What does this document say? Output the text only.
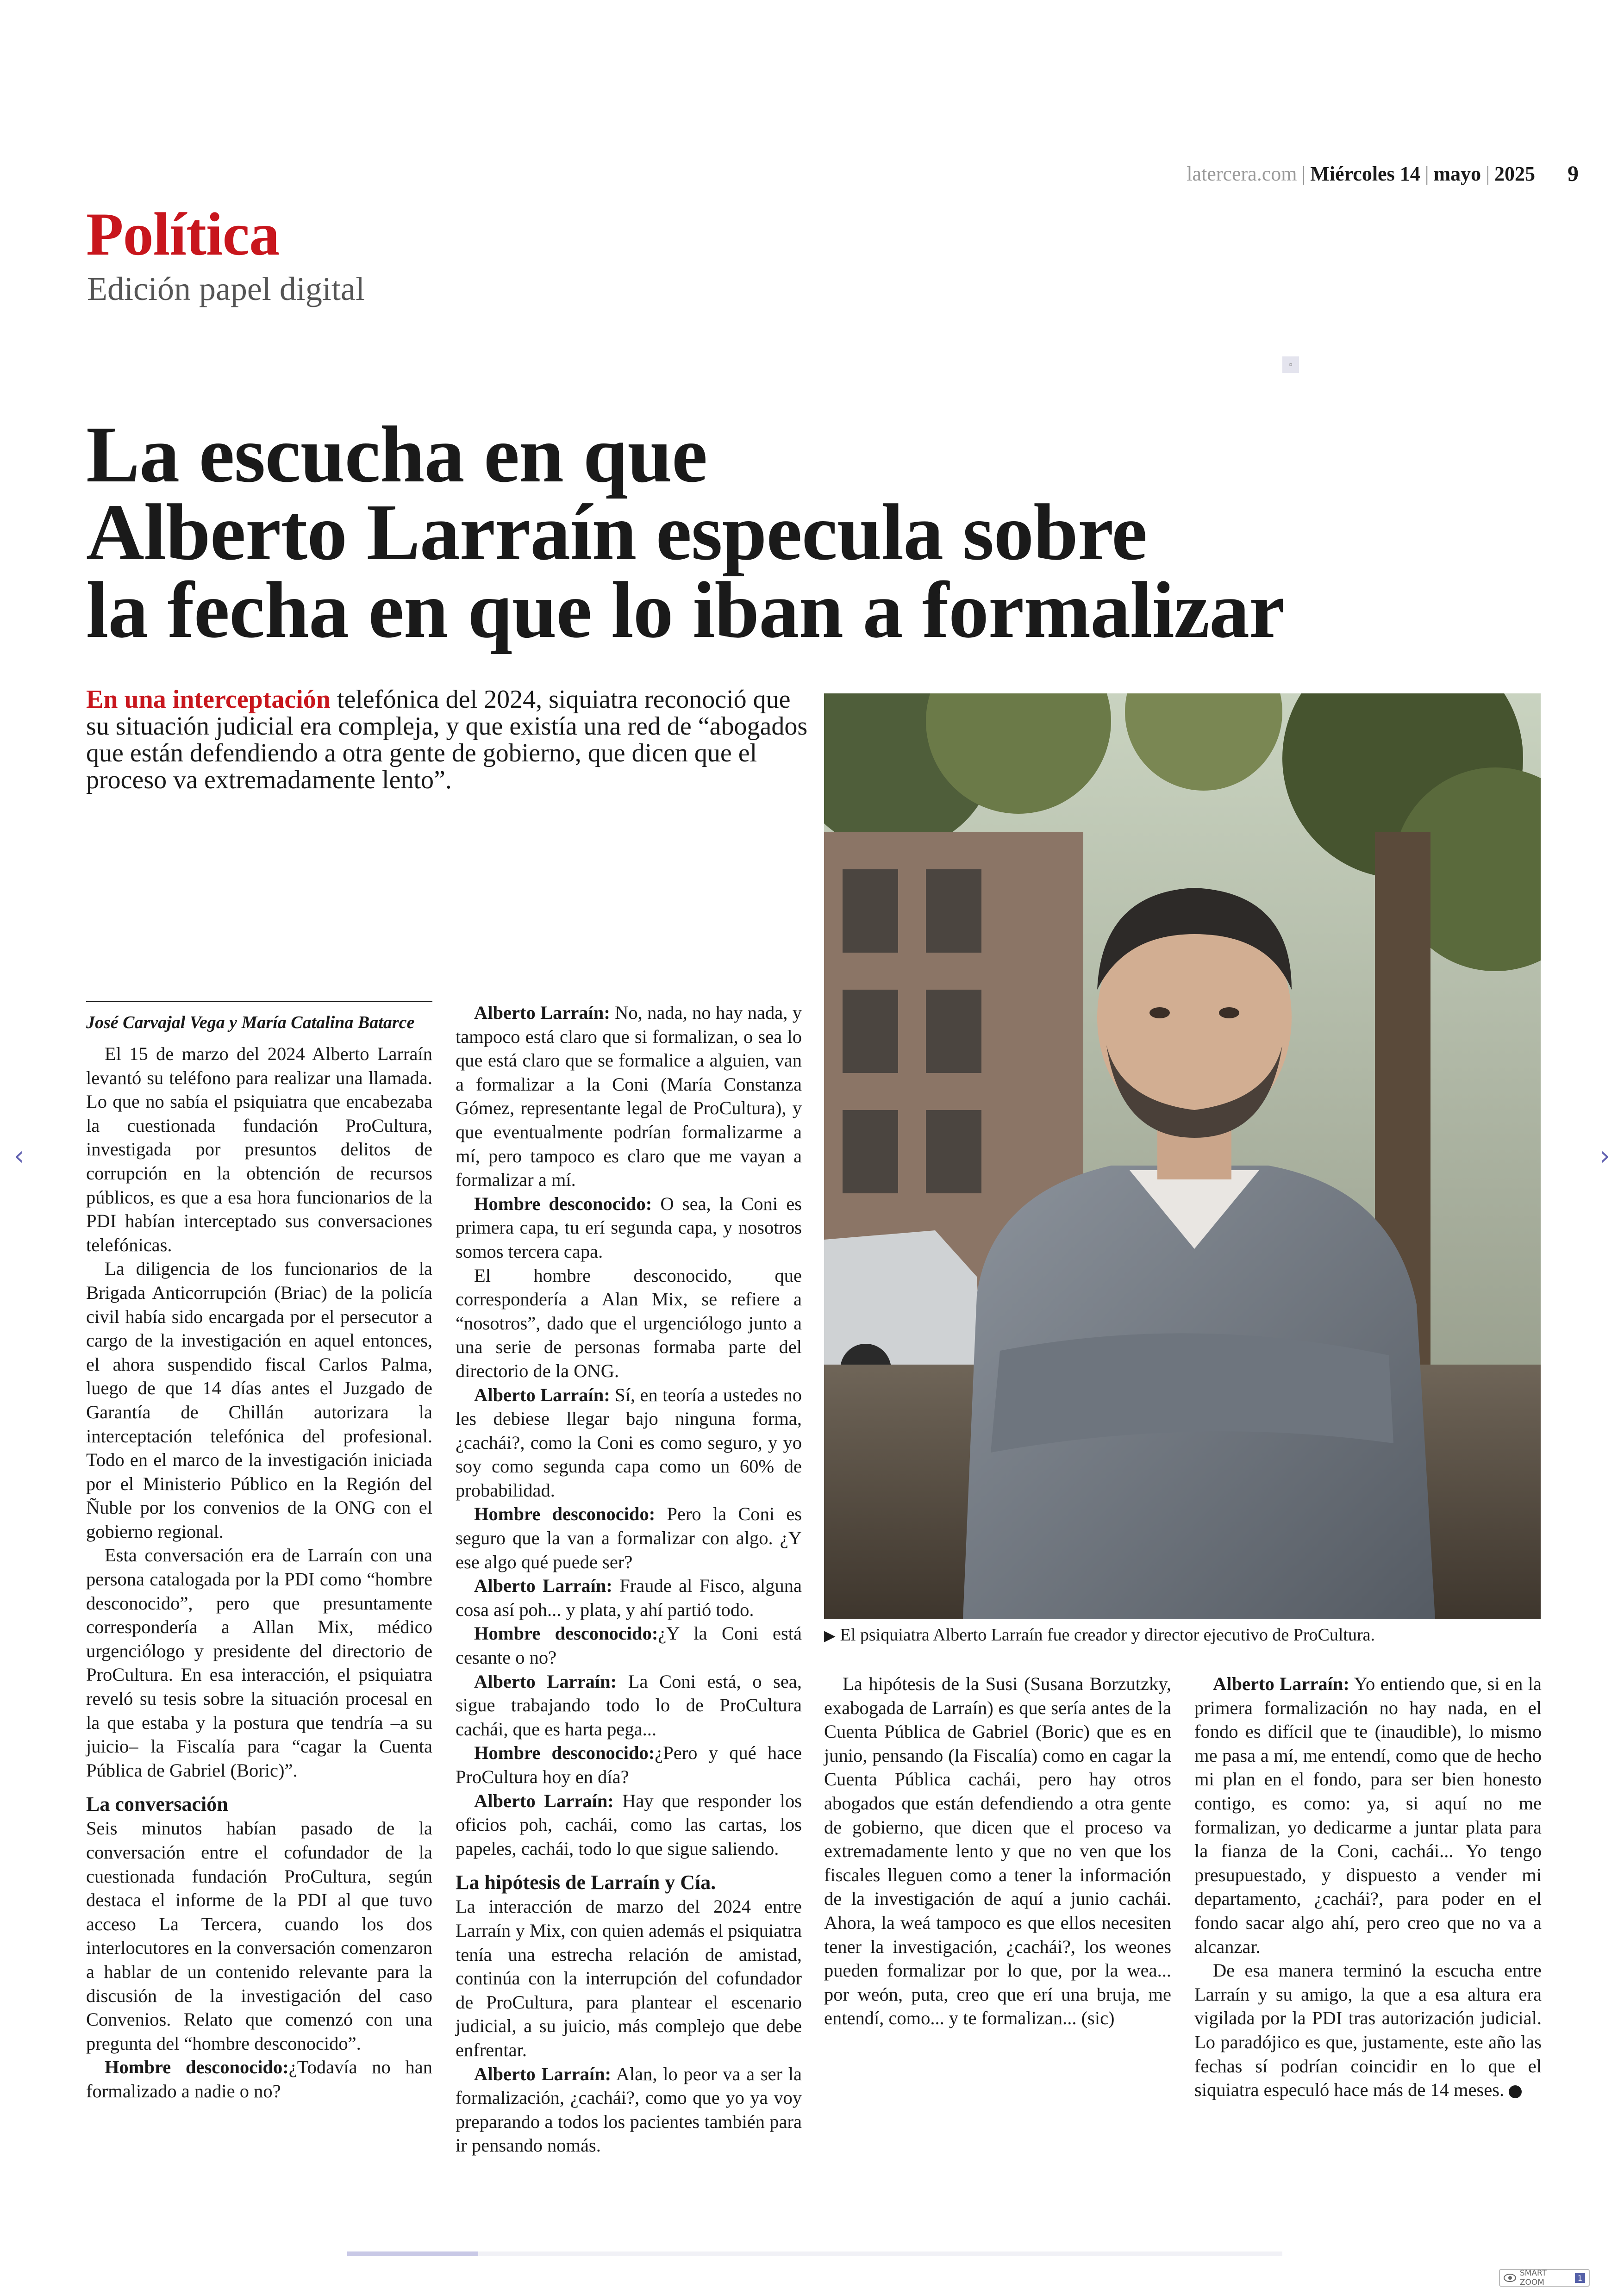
latercera.com | Miércoles 14 | mayo | 2025 9
Política
Edición papel digital
▫
La escucha en que
Alberto Larraín especula sobre
la fecha en que lo iban a formalizar
En una interceptación telefónica del 2024, siquiatra reconoció que su situación judicial era compleja, y que existía una red de “abogados que están defendiendo a otra gente de gobierno, que dicen que el proceso va extremadamente lento”.
▶ El psiquiatra Alberto Larraín fue creador y director ejecutivo de ProCultura.
José Carvajal Vega y María Catalina Batarce

El 15 de marzo del 2024 Alberto Larraín levantó su teléfono para realizar una llamada. Lo que no sabía el psiquiatra que encabezaba la cuestionada fundación ProCultura, investigada por presuntos delitos de corrupción en la obtención de recursos públicos, es que a esa hora funcionarios de la PDI habían interceptado sus conversaciones telefónicas.

La diligencia de los funcionarios de la Brigada Anticorrupción (Briac) de la policía civil había sido encargada por el persecutor a cargo de la investigación en aquel entonces, el ahora suspendido fiscal Carlos Palma, luego de que 14 días antes el Juzgado de Garantía de Chillán autorizara la interceptación telefónica del profesional. Todo en el marco de la investigación iniciada por el Ministerio Público en la Región del Ñuble por los convenios de la ONG con el gobierno regional.

Esta conversación era de Larraín con una persona catalogada por la PDI como “hombre desconocido”, pero que presuntamente correspondería a Allan Mix, médico urgenciólogo y presidente del directorio de ProCultura. En esa interacción, el psiquiatra reveló su tesis sobre la situación procesal en la que estaba y la postura que tendría –a su juicio– la Fiscalía para “cagar la Cuenta Pública de Gabriel (Boric)”.

La conversación

Seis minutos habían pasado de la conversación entre el cofundador de la cuestionada fundación ProCultura, según destaca el informe de la PDI al que tuvo acceso La Tercera, cuando los dos interlocutores en la conversación comenzaron a hablar de un contenido relevante para la discusión de la investigación del caso Convenios. Relato que comenzó con una pregunta del “hombre desconocido”.

Hombre desconocido:¿Todavía no han formalizado a nadie o no?

Alberto Larraín: No, nada, no hay nada, y tampoco está claro que si formalizan, o sea lo que está claro que se formalice a alguien, van a formalizar a la Coni (María Constanza Gómez, representante legal de ProCultura), y que eventualmente podrían formalizarme a mí, pero tampoco es claro que me vayan a formalizar a mí.

Hombre desconocido: O sea, la Coni es primera capa, tu erí segunda capa, y nosotros somos tercera capa.

El hombre desconocido, que correspondería a Alan Mix, se refiere a “nosotros”, dado que el urgenciólogo junto a una serie de personas formaba parte del directorio de la ONG.

Alberto Larraín: Sí, en teoría a ustedes no les debiese llegar bajo ninguna forma, ¿cachái?, como la Coni es como seguro, y yo soy como segunda capa como un 60% de probabilidad.

Hombre desconocido: Pero la Coni es seguro que la van a formalizar con algo. ¿Y ese algo qué puede ser?

Alberto Larraín: Fraude al Fisco, alguna cosa así poh... y plata, y ahí partió todo.

Hombre desconocido:¿Y la Coni está cesante o no?

Alberto Larraín: La Coni está, o sea, sigue trabajando todo lo de ProCultura cachái, que es harta pega...

Hombre desconocido:¿Pero y qué hace ProCultura hoy en día?

Alberto Larraín: Hay que responder los oficios poh, cachái, como las cartas, los papeles, cachái, todo lo que sigue saliendo.

La hipótesis de Larraín y Cía.

La interacción de marzo del 2024 entre Larraín y Mix, con quien además el psiquiatra tenía una estrecha relación de amistad, continúa con la interrupción del cofundador de ProCultura, para plantear el escenario judicial, a su juicio, más complejo que debe enfrentar.

Alberto Larraín: Alan, lo peor va a ser la formalización, ¿cachái?, como que yo ya voy preparando a todos los pacientes también para ir pensando nomás.

La hipótesis de la Susi (Susana Borzutzky, exabogada de Larraín) es que sería antes de la Cuenta Pública de Gabriel (Boric) que es en junio, pensando (la Fiscalía) como en cagar la Cuenta Pública cachái, pero hay otros abogados que están defendiendo a otra gente de gobierno, que dicen que el proceso va extremadamente lento y que no ven que los fiscales lleguen como a tener la información de la investigación de aquí a junio cachái. Ahora, la weá tampoco es que ellos necesiten tener la investigación, ¿cachái?, los weones pueden formalizar por lo que, por la wea... por weón, puta, creo que erí una bruja, me entendí, como... y te formalizan... (sic)

Alberto Larraín: Yo entiendo que, si en la primera formalización no hay nada, en el fondo es difícil que te (inaudible), lo mismo me pasa a mí, me entendí, como que de hecho mi plan en el fondo, para ser bien honesto contigo, es como: ya, si aquí no me formalizan, yo dedicarme a juntar plata para la fianza de la Coni, cachái... Yo tengo presupuestado, y dispuesto a vender mi departamento, ¿cachái?, para poder en el fondo sacar algo ahí, pero creo que no va a alcanzar.

De esa manera terminó la escucha entre Larraín y su amigo, la que a esa altura era vigilada por la PDI tras autorización judicial. Lo paradójico es que, justamente, este año las fechas sí podrían coincidir en lo que el siquiatra especuló hace más de 14 meses.

‹	›
SMART ZOOM	1
